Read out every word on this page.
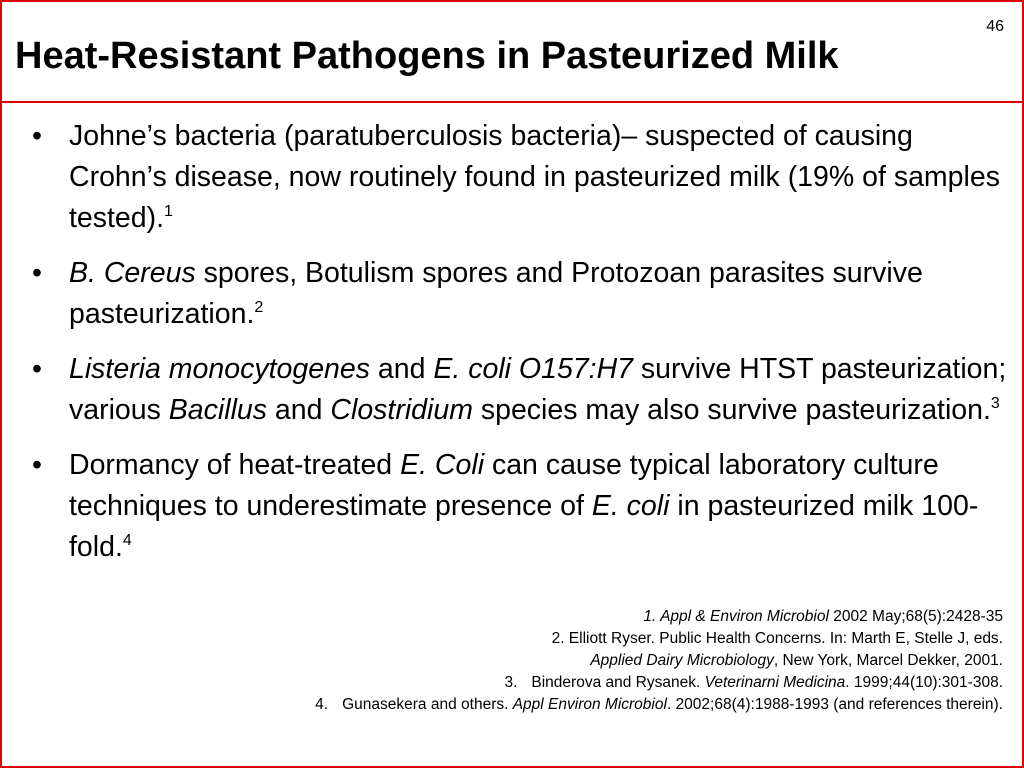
46
Heat-Resistant Pathogens in Pasteurized Milk
• Johne’s bacteria (paratuberculosis bacteria)– suspected of causing Crohn’s disease, now routinely found in pasteurized milk (19% of samples tested).$^1$
• B. Cereus spores, Botulism spores and Protozoan parasites survive pasteurization.$^2$
• Listeria monocytogenes and E. coli O157:H7 survive HTST pasteurization; various Bacillus and Clostridium species may also survive pasteurization.$^3$
• Dormancy of heat-treated E. Coli can cause typical laboratory culture techniques to underestimate presence of E. coli in pasteurized milk 100-fold.$^4$
1. Appl & Environ Microbiol 2002 May;68(5):2428-35
2. Elliott Ryser. Public Health Concerns. In: Marth E, Stelle J, eds.
Applied Dairy Microbiology, New York, Marcel Dekker, 2001.
3. Binderova and Rysanek. Veterinarni Medicina. 1999;44(10):301-308.
4. Gunasekera and others. Appl Environ Microbiol. 2002;68(4):1988-1993 (and references therein).
